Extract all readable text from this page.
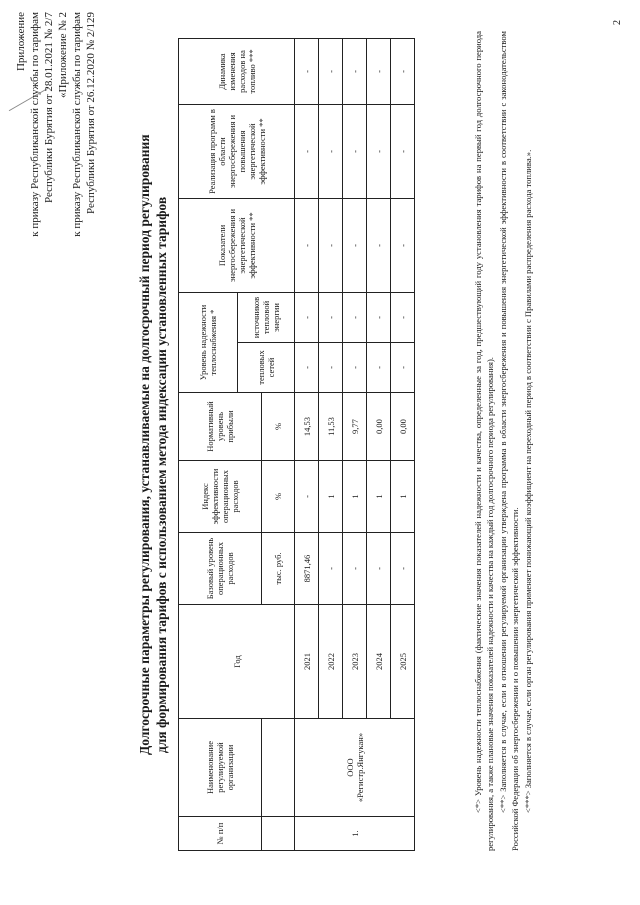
2
Приложение к приказу Республиканской службы по тарифам Республики Бурятия от 28.01.2021 № 2/7 «Приложение № 2 к приказу Республиканской службы по тарифам Республики Бурятия от 26.12.2020 № 2/129
Долгосрочные параметры регулирования, устанавливаемые на долгосрочный период регулирования для формирования тарифов с использованием метода индексации установленных тарифов
№ п/п	Наименование регулируемой организации	Год	Базовый уровень операционных расходов	Индекс эффективности операционных расходов	Нормативный уровень прибыли	Уровень надежности теплоснабжения *		Показатели энергосбережения и энергетической эффективности **	Реализация программ в области энергосбережения и повышения энергетической эффективности **	Динамика изменения расходов на топливо ***
						тепловых сетей	источников тепловой энергии			
			тыс. руб.	%	%					
1.	ООО «Регистр.Янгукан»	2021	8871,46	-	14,53	-	-	-	-	-
		2022	-	1	11,53	-	-	-	-	-
		2023	-	1	9,77	-	-	-	-	-
		2024	-	1	0,00	-	-	-	-	-
		2025	-	1	0,00	-	-	-	-	-	<*> Уровень надежности теплоснабжения (фактические значения показателей надежности и качества, определенные за год, предшествующий году установления тарифов на первый год долгосрочного периода регулирования, а также плановые значения показателей надежности и качества на каждый год долгосрочного периода регулирования). <**> Заполняется в случае, если в отношении регулируемой организации утверждена программа в области энергосбережения и повышения энергетической эффективности в соответствии с законодательством Российской Федерации об энергосбережении и о повышении энергетической эффективности. <***> Заполняется в случае, если орган регулирования применяет понижающий коэффициент на переходный период в соответствии с Правилами распределения расхода топлива.».
